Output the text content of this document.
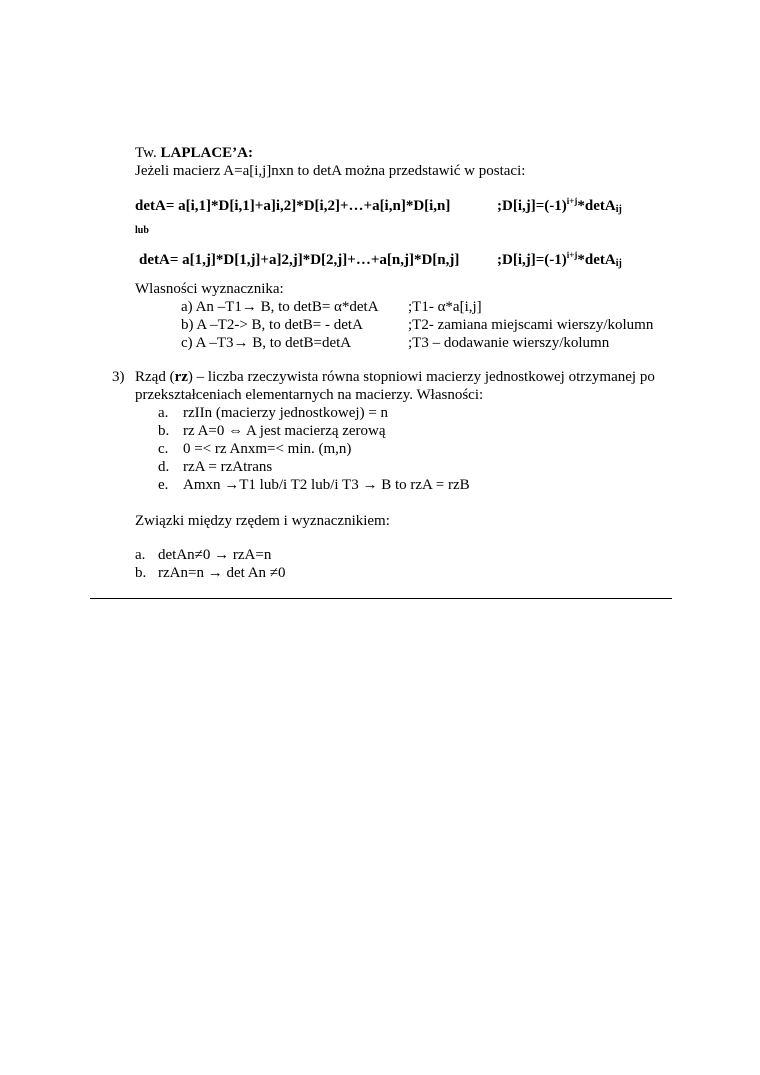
Tw. LAPLACE’A:
Jeżeli macierz A=a[i,j]nxn to detA można przedstawić w postaci:
detA= a[i,1]*D[i,1]+a]i,2]*D[i,2]+…+a[i,n]*D[i,n]	$;D[i,j]=(-1)^{i+j}*\det A_{ij}$
lub
detA= a[1,j]*D[1,j]+a]2,j]*D[2,j]+…+a[n,j]*D[n,j]	$;D[i,j]=(-1)^{i+j}*\det A_{ij}$
Wlasności wyznacznika:
a) An –T1→ B, to detB= α*detA ;T1- α*a[i,j]
b) A –T2-> B, to detB= - detA	;T2- zamiana miejscami wierszy/kolumn
c) A –T3→ B, to detB=detA	;T3 – dodawanie wierszy/kolumn
3) Rząd (rz) – liczba rzeczywista równa stopniowi macierzy jednostkowej otrzymanej po
przekształceniach elementarnych na macierzy. Własności:
a. rzIIn (macierzy jednostkowej) = n
b. rz A=0 ⇔ A jest macierzą zerową
c. 0 =< rz Anxm=< min. (m,n)
d. rzA = rzAtrans
e. Amxn →T1 lub/i T2 lub/i T3 → B to rzA = rzB
Związki między rzędem i wyznacznikiem:
a. detAn≠0 → rzA=n
b. rzAn=n → det An ≠0
